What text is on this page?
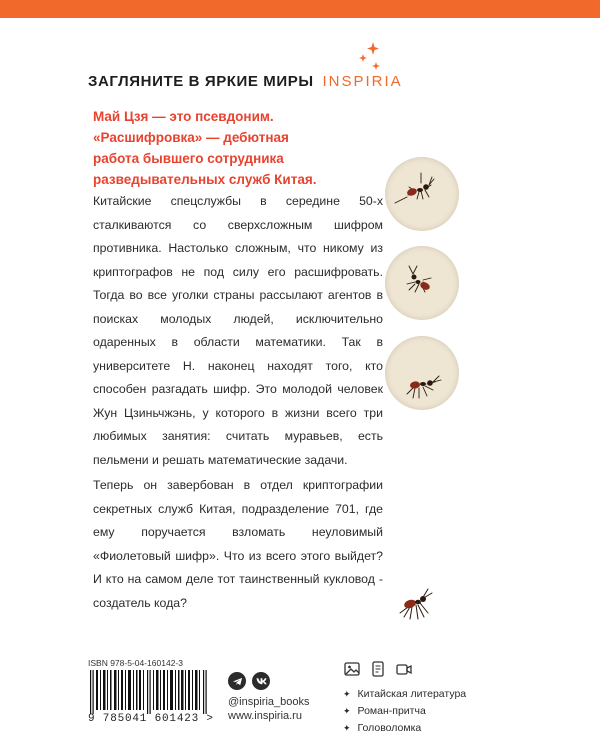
ЗАГЛЯНИТЕ В ЯРКИЕ МИРЫ INSPIRIA
Май Цзя — это псевдоним.
«Расшифровка» — дебютная
работа бывшего сотрудника
разведывательных служб Китая.
Китайские спецслужбы в середине 50-х сталкиваются со сверхсложным шифром противника. Настолько сложным, что никому из криптографов не под силу его расшифровать. Тогда во все уголки страны рассылают агентов в поисках молодых людей, исключительно одаренных в области математики. Так в университете Н. наконец находят того, кто способен разгадать шифр. Это молодой человек Жун Цзиньчжэнь, у которого в жизни всего три любимых занятия: считать муравьев, есть пельмени и решать математические задачи.
Теперь он завербован в отдел криптографии секретных служб Китая, подразделение 701, где ему поручается взломать неуловимый «Фиолетовый шифр». Что из всего этого выйдет? И кто на самом деле тот таинственный кукловод - создатель кода?
ISBN 978-5-04-160142-3
9 785041 601423 >
@inspiria_books
www.inspiria.ru
✦ Китайская литература
✦ Роман-притча
✦ Головоломка
